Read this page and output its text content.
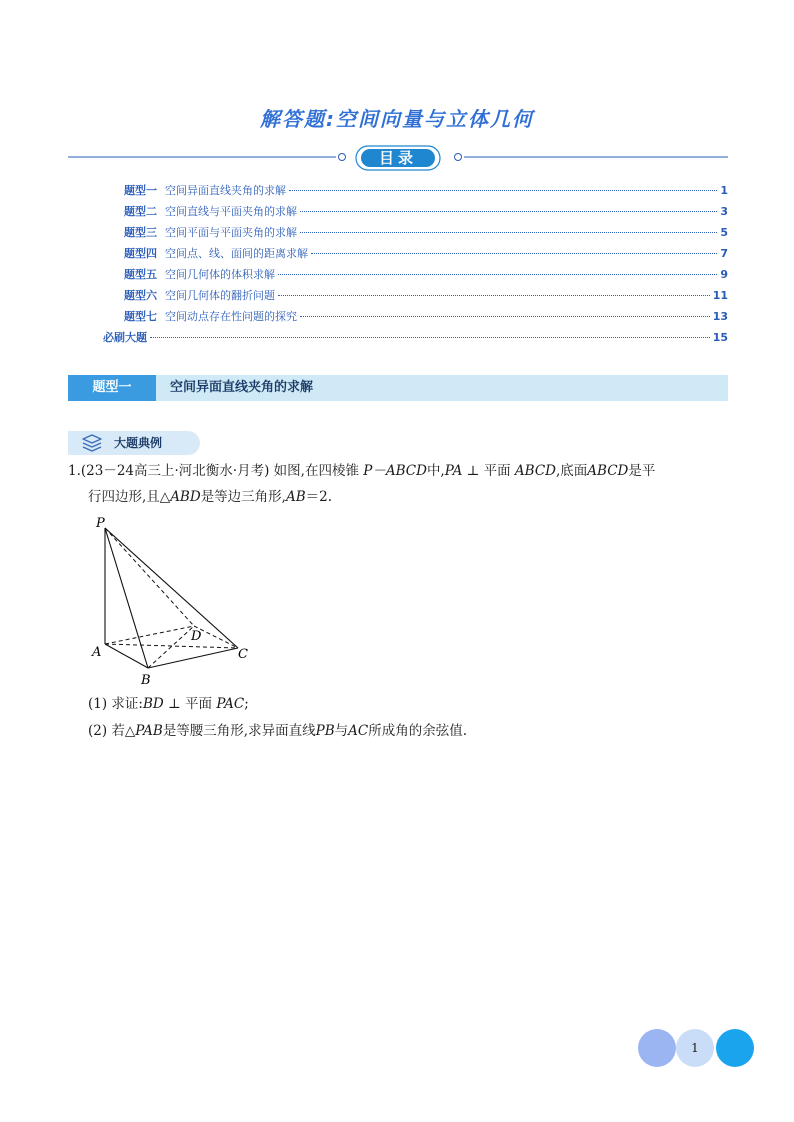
解答题:空间向量与立体几何
目录
题型一 空间异面直线夹角的求解	1
题型二 空间直线与平面夹角的求解	3
题型三 空间平面与平面夹角的求解	5
题型四 空间点、线、面间的距离求解	7
题型五 空间几何体的体积求解	9
题型六 空间几何体的翻折问题	11
题型七 空间动点存在性问题的探究	13
必刷大题	15
题型一	空间异面直线夹角的求解
大题典例
1.(23－24高三上·河北衡水·月考) 如图,在四棱锥 P－ABCD中,PA ⊥ 平面 ABCD,底面ABCD是平
行四边形,且△ABD是等边三角形,AB＝2.
P
A
B
C
D
(1) 求证:BD ⊥ 平面 PAC;
(2) 若△PAB是等腰三角形,求异面直线PB与AC所成角的余弦值.
1
